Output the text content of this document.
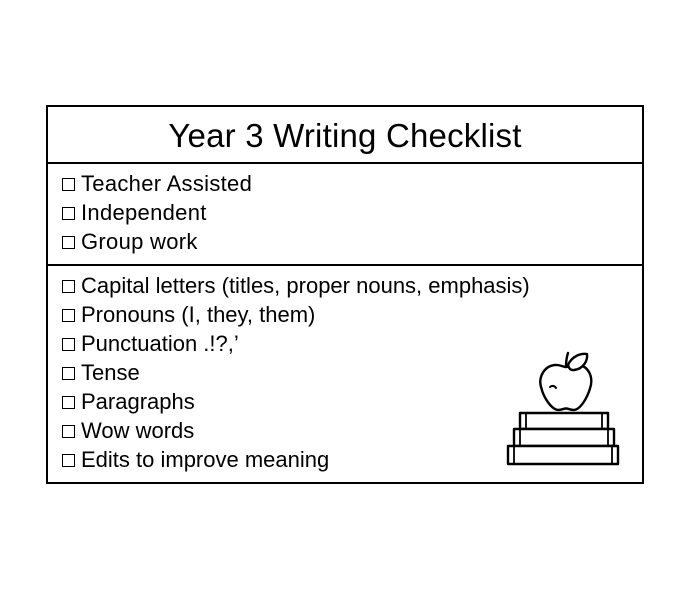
Year 3 Writing Checklist
Teacher Assisted
Independent
Group work
Capital letters (titles, proper nouns, emphasis)
Pronouns (I, they, them)
Punctuation .!?,’
Tense
Paragraphs
Wow words
Edits to improve meaning
